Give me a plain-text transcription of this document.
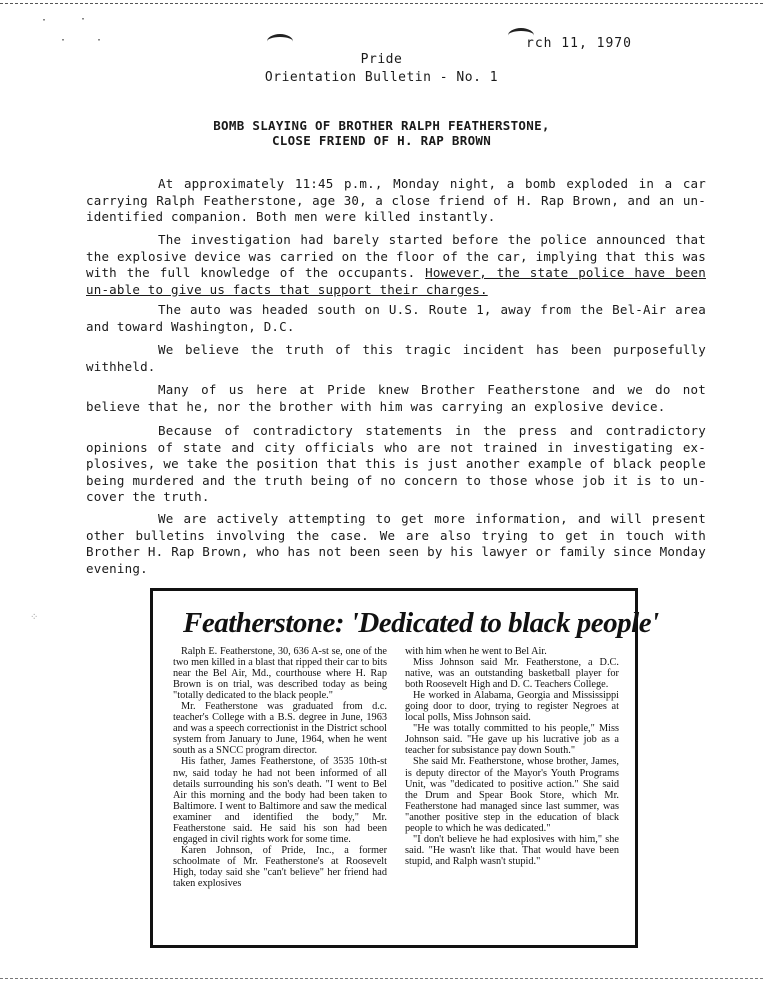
·	·
·	·
⁘
rch 11, 1970
Pride
Orientation Bulletin - No. 1
BOMB SLAYING OF BROTHER RALPH FEATHERSTONE,
CLOSE FRIEND OF H. RAP BROWN
At approximately 11:45 p.m., Monday night, a bomb exploded in a car carrying Ralph Featherstone, age 30, a close friend of H. Rap Brown, and an un-identified companion. Both men were killed instantly.
The investigation had barely started before the police announced that the explosive device was carried on the floor of the car, implying that this was with the full knowledge of the occupants. However, the state police have been un-able to give us facts that support their charges.
The auto was headed south on U.S. Route 1, away from the Bel-Air area and toward Washington, D.C.
We believe the truth of this tragic incident has been purposefully withheld.
Many of us here at Pride knew Brother Featherstone and we do not believe that he, nor the brother with him was carrying an explosive device.
Because of contradictory statements in the press and contradictory opinions of state and city officials who are not trained in investigating ex-plosives, we take the position that this is just another example of black people being murdered and the truth being of no concern to those whose job it is to un-cover the truth.
We are actively attempting to get more information, and will present other bulletins involving the case. We are also trying to get in touch with Brother H. Rap Brown, who has not been seen by his lawyer or family since Monday evening.
Featherstone: 'Dedicated to black people'

Ralph E. Featherstone, 30, 636 A-st se, one of the two men killed in a blast that ripped their car to bits near the Bel Air, Md., courthouse where H. Rap Brown is on trial, was described today as being "totally dedicated to the black people."

Mr. Featherstone was graduated from d.c. teacher's College with a B.S. degree in June, 1963 and was a speech correctionist in the District school system from January to June, 1964, when he went south as a SNCC program director.

His father, James Featherstone, of 3535 10th-st nw, said today he had not been informed of all details surrounding his son's death. "I went to Bel Air this morning and the body had been taken to Baltimore. I went to Baltimore and saw the medical examiner and identified the body," Mr. Featherstone said. He said his son had been engaged in civil rights work for some time.

Karen Johnson, of Pride, Inc., a former schoolmate of Mr. Featherstone's at Roosevelt High, today said she "can't believe" her friend had taken explosives

with him when he went to Bel Air.

Miss Johnson said Mr. Featherstone, a D.C. native, was an outstanding basketball player for both Roosevelt High and D. C. Teachers College.

He worked in Alabama, Georgia and Mississippi going door to door, trying to register Negroes at local polls, Miss Johnson said.

"He was totally committed to his people," Miss Johnson said. "He gave up his lucrative job as a teacher for subsistance pay down South."

She said Mr. Featherstone, whose brother, James, is deputy director of the Mayor's Youth Programs Unit, was "dedicated to positive action." She said the Drum and Spear Book Store, which Mr. Featherstone had managed since last summer, was "another positive step in the education of black people to which he was dedicated."

"I don't believe he had explosives with him," she said. "He wasn't like that. That would have been stupid, and Ralph wasn't stupid."
